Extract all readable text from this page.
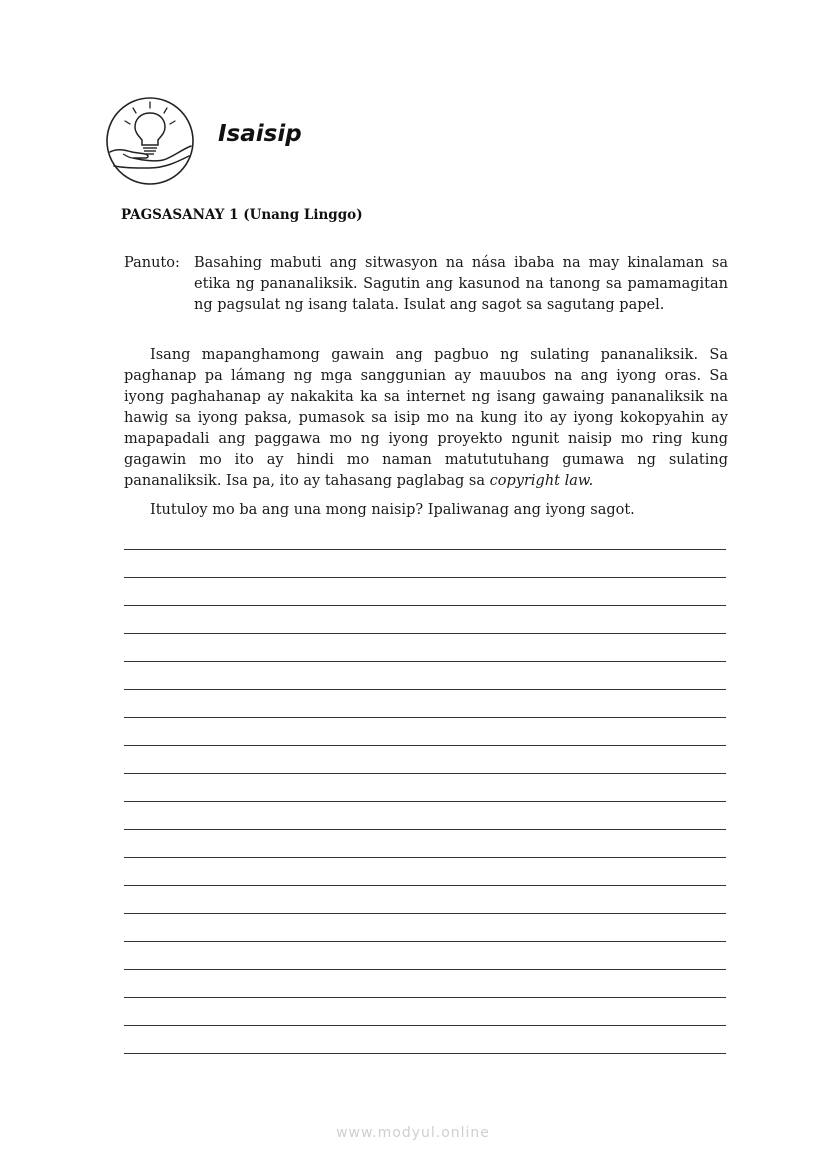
Isaisip
PAGSASANAY 1 (Unang Linggo)
Panuto: Basahing mabuti ang sitwasyon na nása ibaba na may kinalaman sa etika ng pananaliksik. Sagutin ang kasunod na tanong sa pamamagitan ng pagsulat ng isang talata. Isulat ang sagot sa sagutang papel.

Isang mapanghamong gawain ang pagbuo ng sulating pananaliksik. Sa paghanap pa lámang ng mga sanggunian ay mauubos na ang iyong oras. Sa iyong paghahanap ay nakakita ka sa internet ng isang gawaing pananaliksik na hawig sa iyong paksa, pumasok sa isip mo na kung ito ay iyong kokopyahin ay mapapadali ang paggawa mo ng iyong proyekto ngunit naisip mo ring kung gagawin mo ito ay hindi mo naman matututuhang gumawa ng sulating pananaliksik. Isa pa, ito ay tahasang paglabag sa copyright law.

Itutuloy mo ba ang una mong naisip? Ipaliwanag ang iyong sagot.
www.modyul.online
